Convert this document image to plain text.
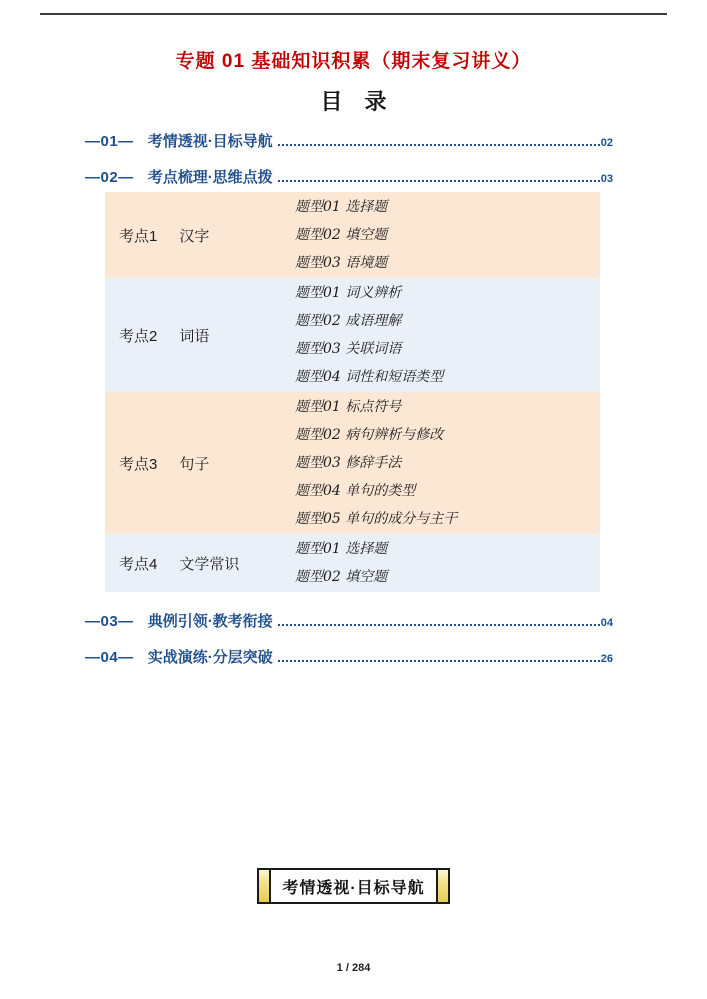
专题 01 基础知识积累（期末复习讲义）
目　录
—01— 考情透视·目标导航	02
—02— 考点梳理·思维点拨	03
考点1 汉字
题型01 选择题
题型02 填空题
题型03 语境题
考点2 词语
题型01 词义辨析
题型02 成语理解
题型03 关联词语
题型04 词性和短语类型
考点3 句子
题型01 标点符号
题型02 病句辨析与修改
题型03 修辞手法
题型04 单句的类型
题型05 单句的成分与主干
考点4 文学常识
题型01 选择题
题型02 填空题
—03— 典例引领·教考衔接	04
—04— 实战演练·分层突破	26
考情透视·目标导航
1 / 284
